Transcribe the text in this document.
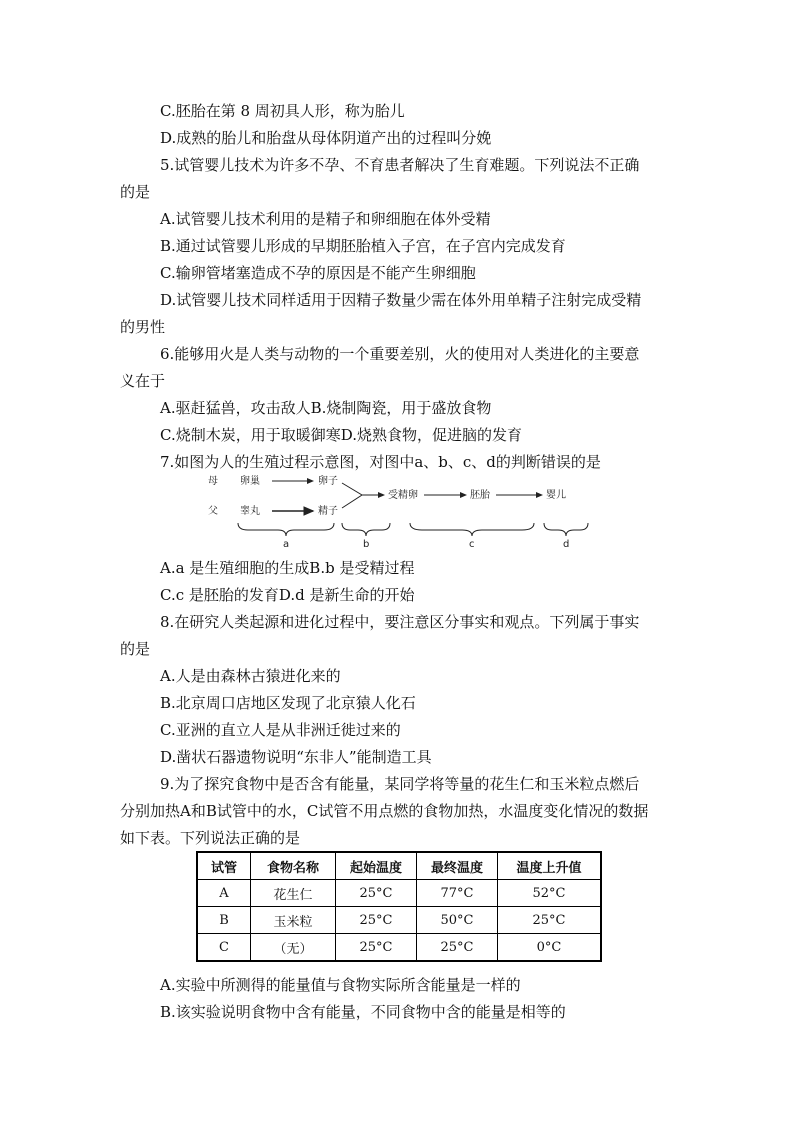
C.胚胎在第 8 周初具人形，称为胎儿
D.成熟的胎儿和胎盘从母体阴道产出的过程叫分娩
5.试管婴儿技术为许多不孕、不育患者解决了生育难题。下列说法不正确
的是
A.试管婴儿技术利用的是精子和卵细胞在体外受精
B.通过试管婴儿形成的早期胚胎植入子宫，在子宫内完成发育
C.输卵管堵塞造成不孕的原因是不能产生卵细胞
D.试管婴儿技术同样适用于因精子数量少需在体外用单精子注射完成受精
的男性
6.能够用火是人类与动物的一个重要差别，火的使用对人类进化的主要意
义在于
A.驱赶猛兽，攻击敌人B.烧制陶瓷，用于盛放食物
C.烧制木炭，用于取暖御寒D.烧熟食物，促进脑的发育
7.如图为人的生殖过程示意图，对图中a、b、c、d的判断错误的是
母 卵巢	卵子
父 睾丸	精子
受精卵	胚胎	婴儿
a	b	c	d
A.a 是生殖细胞的生成B.b 是受精过程
C.c 是胚胎的发育D.d 是新生命的开始
8.在研究人类起源和进化过程中，要注意区分事实和观点。下列属于事实
的是
A.人是由森林古猿进化来的
B.北京周口店地区发现了北京猿人化石
C.亚洲的直立人是从非洲迁徙过来的
D.凿状石器遗物说明“东非人”能制造工具
9.为了探究食物中是否含有能量，某同学将等量的花生仁和玉米粒点燃后
分别加热A和B试管中的水，C试管不用点燃的食物加热，水温度变化情况的数据
如下表。下列说法正确的是
试管	食物名称	起始温度	最终温度	温度上升值
A	花生仁	25°C	77°C	52°C
B	玉米粒	25°C	50°C	25°C
C	（无）	25°C	25°C	0°C
A.实验中所测得的能量值与食物实际所含能量是一样的
B.该实验说明食物中含有能量，不同食物中含的能量是相等的
